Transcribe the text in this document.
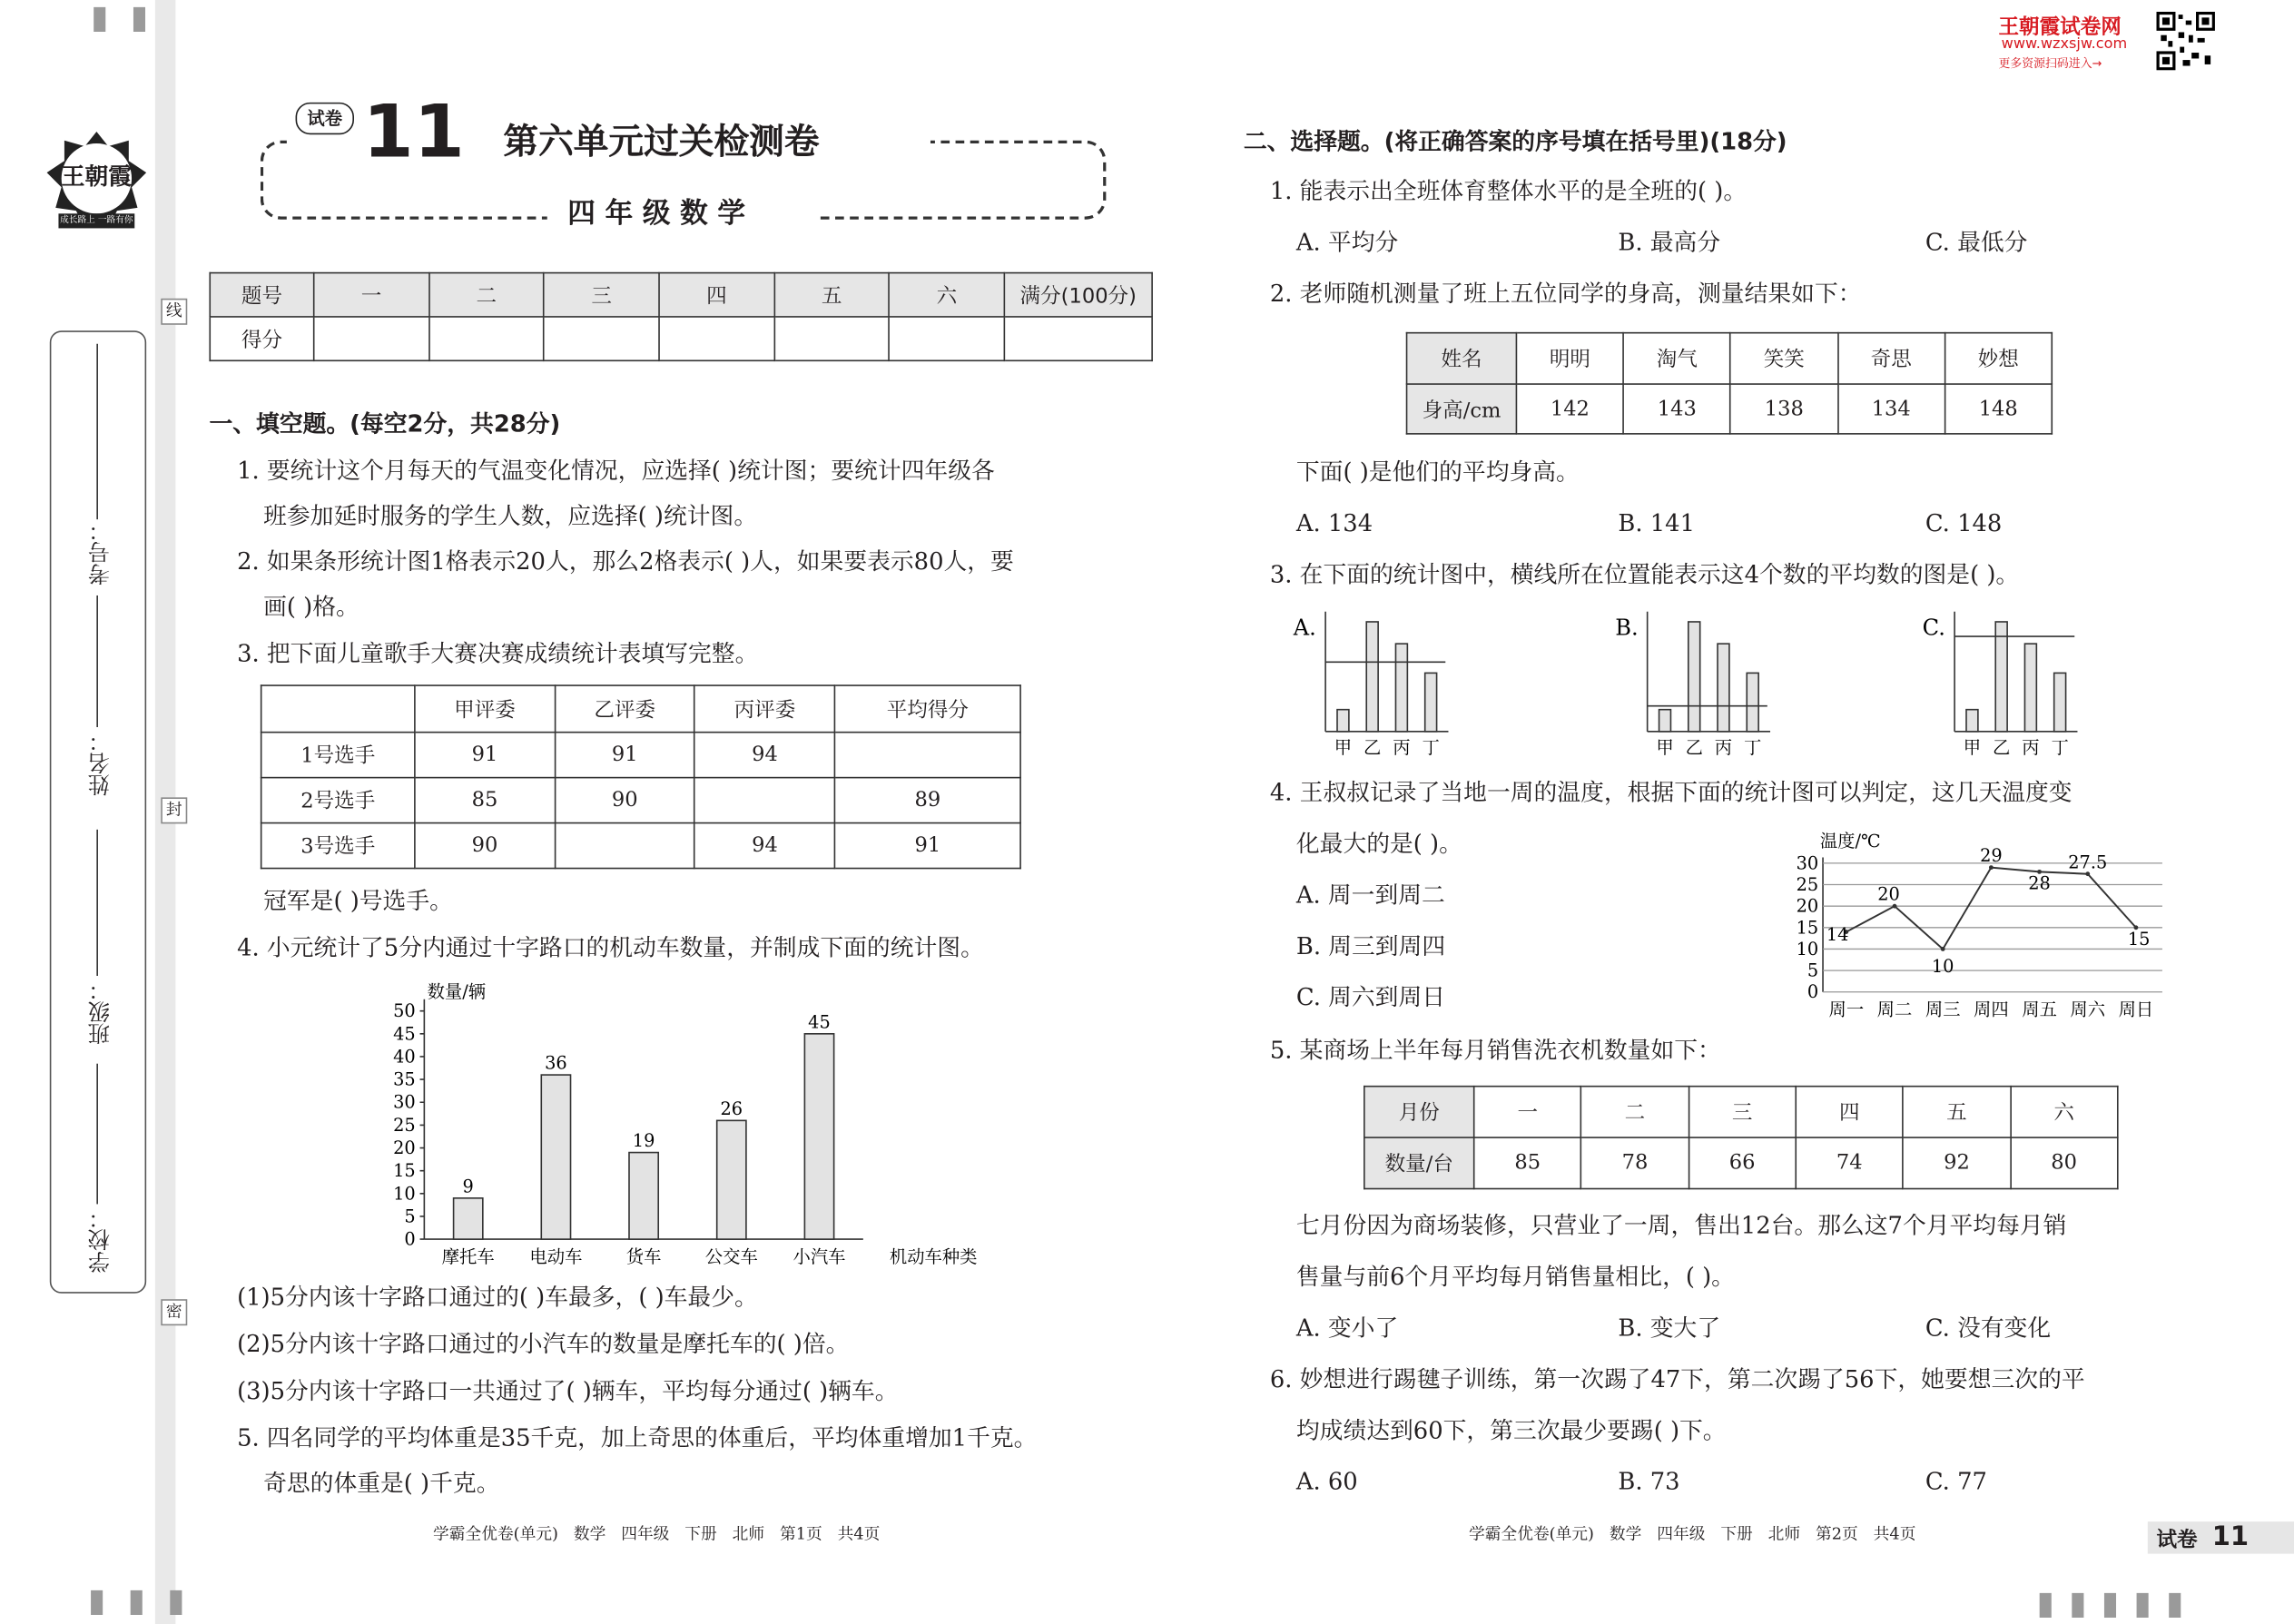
▮ ▮
▮ ▮ ▮
线
封
密
王朝霞
成长路上 一路有你
考号：
姓名：
班级：
学校：
试卷 11 第六单元过关检测卷
四 年 级 数 学
题号	一	二	三	四	五	六	满分(100分)
得分							
一、填空题。(每空2分，共28分)
1. 要统计这个月每天的气温变化情况，应选择( )统计图；要统计四年级各
班参加延时服务的学生人数，应选择( )统计图。
2. 如果条形统计图1格表示20人，那么2格表示( )人，如果要表示80人，要
画( )格。
3. 把下面儿童歌手大赛决赛成绩统计表填写完整。
	甲评委	乙评委	丙评委	平均得分
1号选手	91	91	94	
2号选手	85	90		89
3号选手	90		94	91
冠军是( )号选手。
4. 小元统计了5分内通过十字路口的机动车数量，并制成下面的统计图。
数量/辆
0
5
10
15
20
25
30
35
40
45
50
9
摩托车
36
电动车
19
货车
26
公交车
45
小汽车	机动车种类
(1)5分内该十字路口通过的( )车最多，( )车最少。
(2)5分内该十字路口通过的小汽车的数量是摩托车的( )倍。
(3)5分内该十字路口一共通过了( )辆车，平均每分通过( )辆车。
5. 四名同学的平均体重是35千克，加上奇思的体重后，平均体重增加1千克。
奇思的体重是( )千克。
学霸全优卷(单元)   数学   四年级   下册   北师   第1页   共4页
王朝霞试卷网
www.wzxsjw.com
更多资源扫码进入→
二、选择题。(将正确答案的序号填在括号里)(18分)
1. 能表示出全班体育整体水平的是全班的( )。
A. 平均分	B. 最高分	C. 最低分
2. 老师随机测量了班上五位同学的身高，测量结果如下：
姓名	明明	淘气	笑笑	奇思	妙想
身高/cm	142	143	138	134	148
下面( )是他们的平均身高。
A. 134	B. 141	C. 148
3. 在下面的统计图中，横线所在位置能表示这4个数的平均数的图是( )。
A.
甲 乙 丙 丁
B.
甲 乙 丙 丁
C.
甲 乙 丙 丁
4. 王叔叔记录了当地一周的温度，根据下面的统计图可以判定，这几天温度变
化最大的是( )。
A. 周一到周二
B. 周三到周四
C. 周六到周日
温度/℃
0
5
10
15
20
25
30
14
周一
20
周二
10
周三
29
周四
28
周五
27.5
周六
15
周日
5. 某商场上半年每月销售洗衣机数量如下：
月份	一	二	三	四	五	六
数量/台	85	78	66	74	92	80
七月份因为商场装修，只营业了一周，售出12台。那么这7个月平均每月销
售量与前6个月平均每月销售量相比，( )。
A. 变小了	B. 变大了	C. 没有变化
6. 妙想进行踢毽子训练，第一次踢了47下，第二次踢了56下，她要想三次的平
均成绩达到60下，第三次最少要踢( )下。
A. 60	B. 73	C. 77
学霸全优卷(单元)   数学   四年级   下册   北师   第2页   共4页	试卷 11
▮▮▮▮▮
